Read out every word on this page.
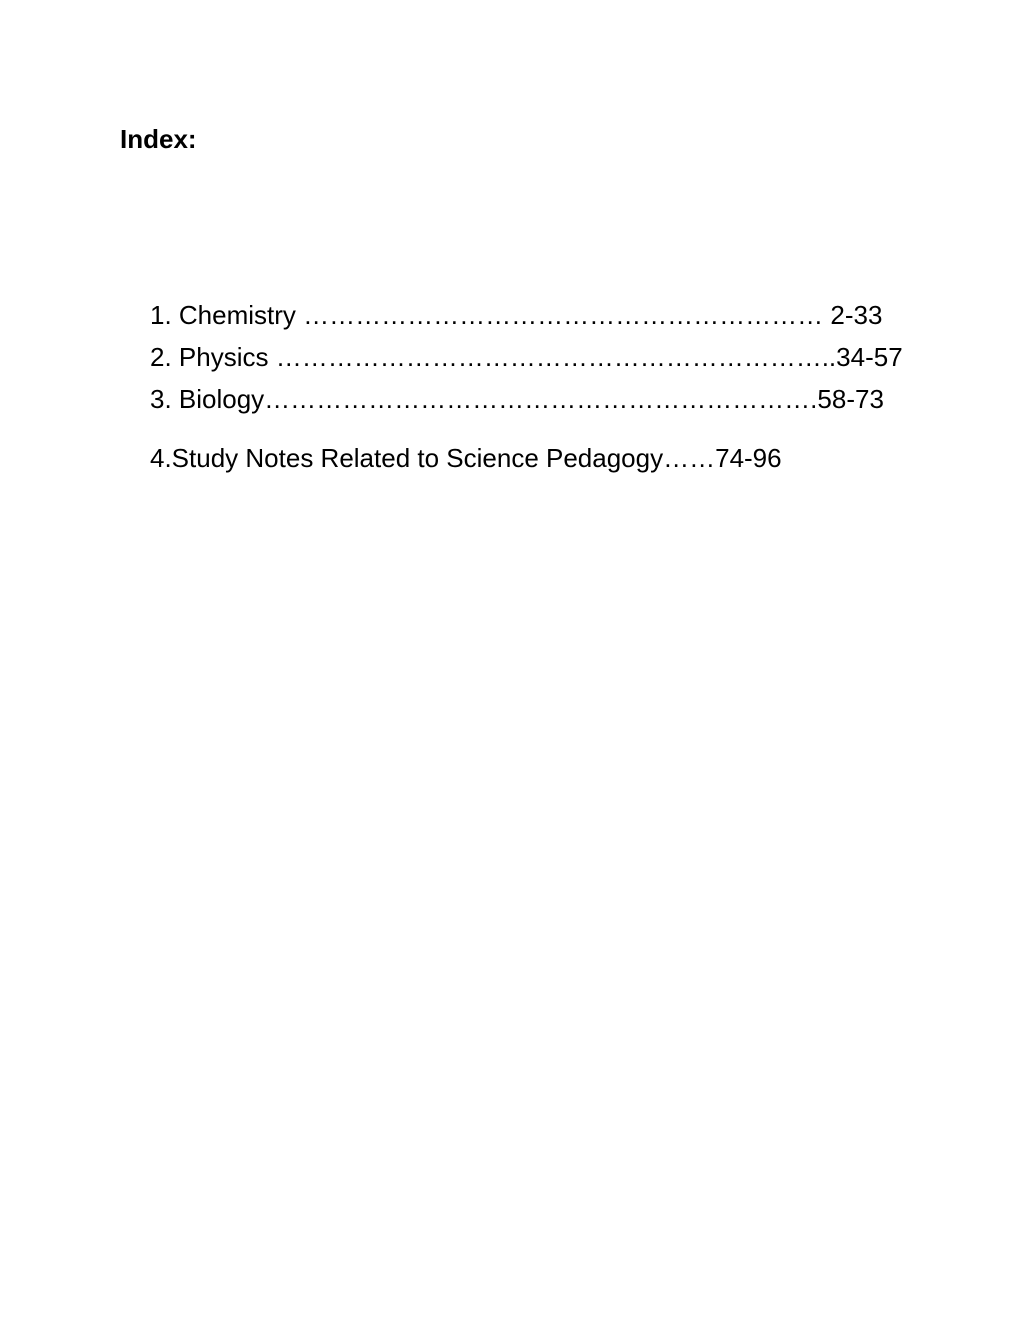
Index:
1. Chemistry …………………………………………………… 2-33
2. Physics ………………………………………………………..34-57
3. Biology……………………………………………………….58-73
4.Study Notes Related to Science Pedagogy……74-96
